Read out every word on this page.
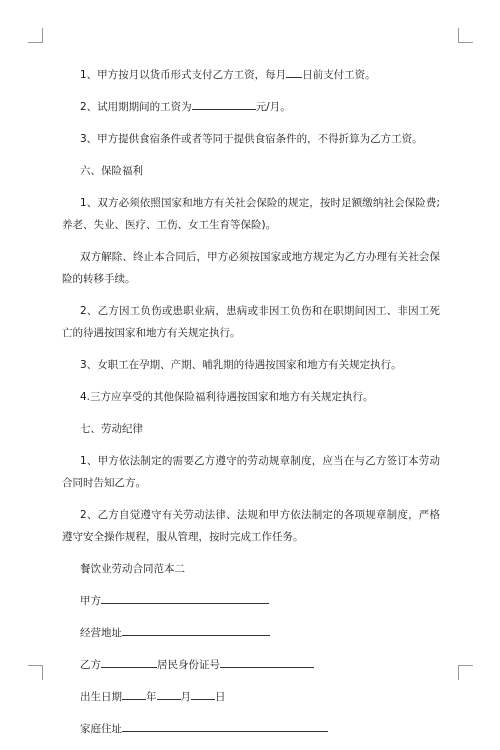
1、甲方按月以货币形式支付乙方工资，每月 日前支付工资。

2、试用期期间的工资为	元/月。

3、甲方提供食宿条件或者等同于提供食宿条件的，不得折算为乙方工资。

六、保险福利

1、双方必须依照国家和地方有关社会保险的规定，按时足额缴纳社会保险费;养老、失业、医疗、工伤、女工生育等保险)。

双方解除、终止本合同后，甲方必须按国家或地方规定为乙方办理有关社会保险的转移手续。

2、乙方因工负伤或患职业病，患病或非因工负伤和在职期间因工、非因工死亡的待遇按国家和地方有关规定执行。

3、女职工在孕期、产期、哺乳期的待遇按国家和地方有关规定执行。

4.三方应享受的其他保险福利待遇按国家和地方有关规定执行。

七、劳动纪律

1、甲方依法制定的需要乙方遵守的劳动规章制度，应当在与乙方签订本劳动合同时告知乙方。

2、乙方自觉遵守有关劳动法律、法规和甲方依法制定的各项规章制度，严格遵守安全操作规程，服从管理，按时完成工作任务。

餐饮业劳动合同范本二

甲方

经营地址

乙方	居民身份证号

出生日期 年 月 日

家庭住址
